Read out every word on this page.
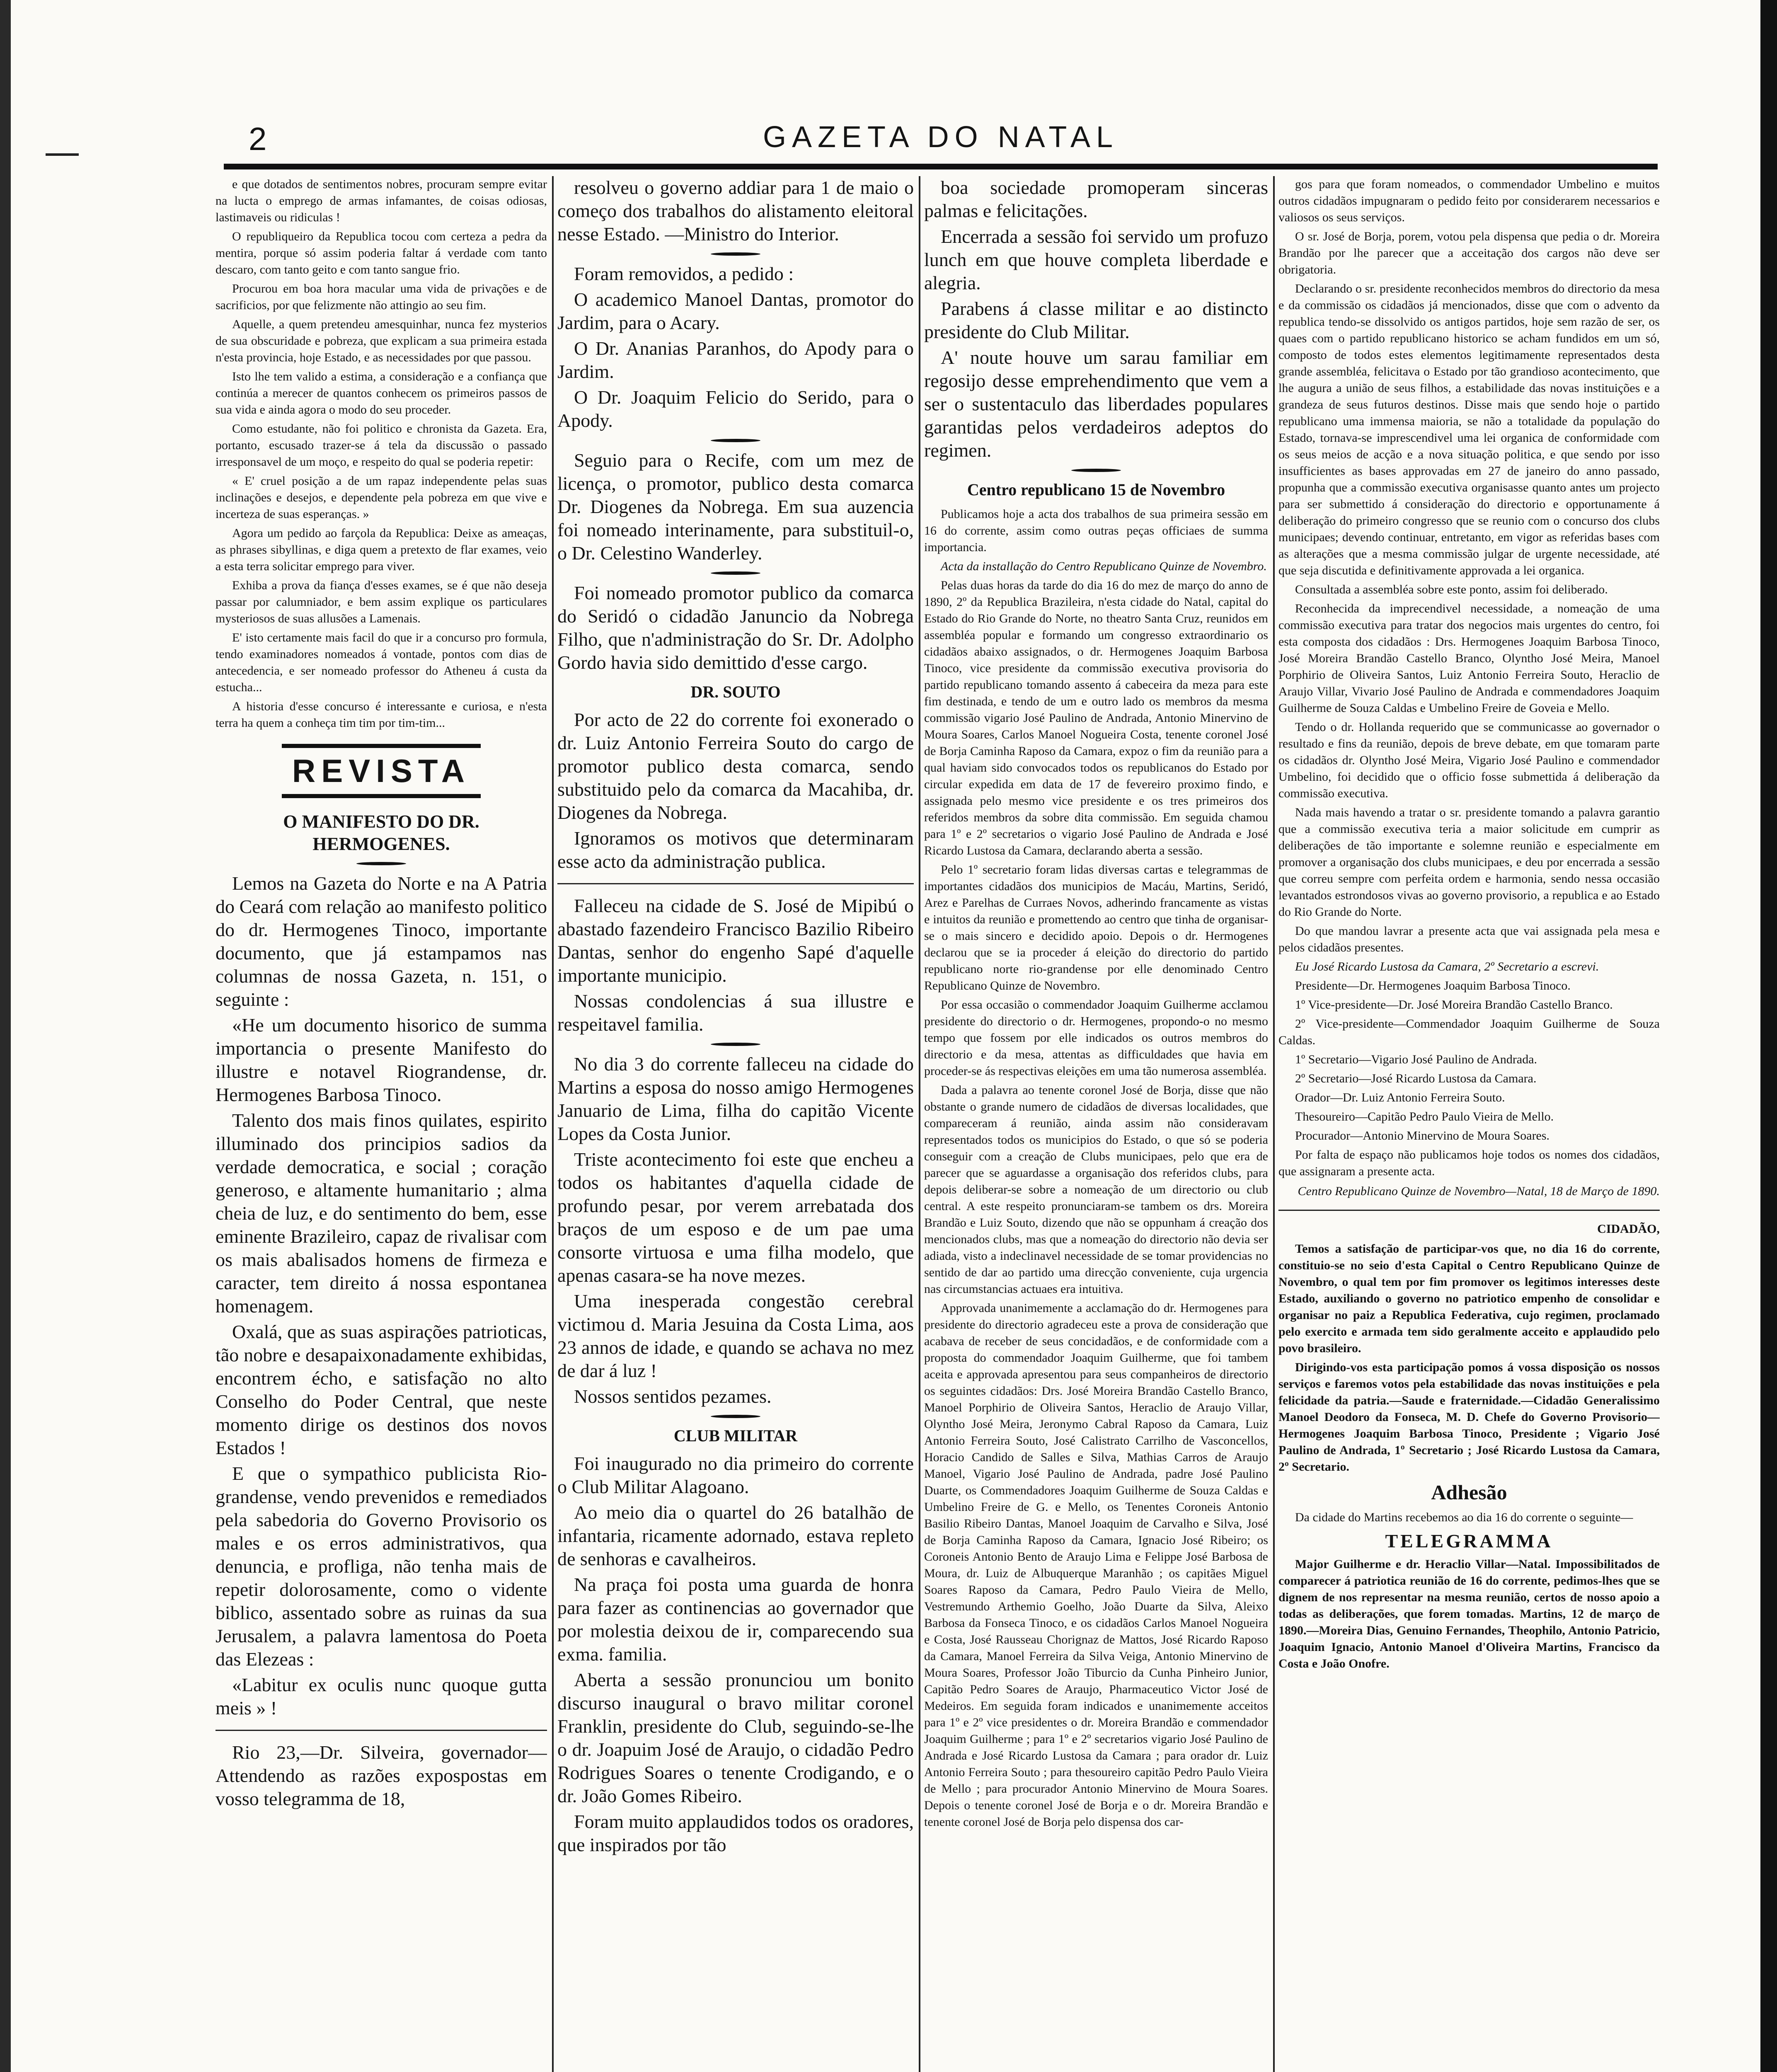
2	GAZETA DO NATAL

e que dotados de sentimentos nobres, procuram sempre evitar na lucta o emprego de armas infamantes, de coisas odiosas, lastimaveis ou ridiculas !

O republiqueiro da Republica tocou com certeza a pedra da mentira, porque só assim poderia faltar á verdade com tanto descaro, com tanto geito e com tanto sangue frio.

Procurou em boa hora macular uma vida de privações e de sacrificios, por que felizmente não attingio ao seu fim.

Aquelle, a quem pretendeu amesquinhar, nunca fez mysterios de sua obscuridade e pobreza, que explicam a sua primeira estada n'esta provincia, hoje Estado, e as necessidades por que passou.

Isto lhe tem valido a estima, a consideração e a confiança que continúa a merecer de quantos conhecem os primeiros passos de sua vida e ainda agora o modo do seu proceder.

Como estudante, não foi politico e chronista da Gazeta. Era, portanto, escusado trazer-se á tela da discussão o passado irresponsavel de um moço, e respeito do qual se poderia repetir:

« E' cruel posição a de um rapaz independente pelas suas inclinações e desejos, e dependente pela pobreza em que vive e incerteza de suas esperanças. »

Agora um pedido ao farçola da Republica: Deixe as ameaças, as phrases sibyllinas, e diga quem a pretexto de flar exames, veio a esta terra solicitar emprego para viver.

Exhiba a prova da fiança d'esses exames, se é que não deseja passar por calumniador, e bem assim explique os particulares mysteriosos de suas allusões a Lamenais.

E' isto certamente mais facil do que ir a concurso pro formula, tendo examinadores nomeados á vontade, pontos com dias de antecedencia, e ser nomeado professor do Atheneu á custa da estucha...

A historia d'esse concurso é interessante e curiosa, e n'esta terra ha quem a conheça tim tim por tim-tim...

REVISTA
O MANIFESTO DO DR. HERMOGENES.

Lemos na Gazeta do Norte e na A Patria do Ceará com relação ao manifesto politico do dr. Hermogenes Tinoco, importante documento, que já estampamos nas columnas de nossa Gazeta, n. 151, o seguinte :

«He um documento hisorico de summa importancia o presente Manifesto do illustre e notavel Riograndense, dr. Hermogenes Barbosa Tinoco.

Talento dos mais finos quilates, espirito illuminado dos principios sadios da verdade democratica, e social ; coração generoso, e altamente humanitario ; alma cheia de luz, e do sentimento do bem, esse eminente Brazileiro, capaz de rivalisar com os mais abalisados homens de firmeza e caracter, tem direito á nossa espontanea homenagem.

Oxalá, que as suas aspirações patrioticas, tão nobre e desapaixonadamente exhibidas, encontrem écho, e satisfação no alto Conselho do Poder Central, que neste momento dirige os destinos dos novos Estados !

E que o sympathico publicista Rio-grandense, vendo prevenidos e remediados pela sabedoria do Governo Provisorio os males e os erros administrativos, qua denuncia, e profliga, não tenha mais de repetir dolorosamente, como o vidente biblico, assentado sobre as ruinas da sua Jerusalem, a palavra lamentosa do Poeta das Elezeas :

«Labitur ex oculis nunc quoque gutta meis » !

Rio 23,—Dr. Silveira, governador—Attendendo as razões expospostas em vosso telegramma de 18,

resolveu o governo addiar para 1 de maio o começo dos trabalhos do alistamento eleitoral nesse Estado. —Ministro do Interior.

Foram removidos, a pedido :

O academico Manoel Dantas, promotor do Jardim, para o Acary.

O Dr. Ananias Paranhos, do Apody para o Jardim.

O Dr. Joaquim Felicio do Serido, para o Apody.

Seguio para o Recife, com um mez de licença, o promotor, publico desta comarca Dr. Diogenes da Nobrega. Em sua auzencia foi nomeado interinamente, para substituil-o, o Dr. Celestino Wanderley.

Foi nomeado promotor publico da comarca do Seridó o cidadão Januncio da Nobrega Filho, que n'administração do Sr. Dr. Adolpho Gordo havia sido demittido d'esse cargo.

DR. SOUTO

Por acto de 22 do corrente foi exonerado o dr. Luiz Antonio Ferreira Souto do cargo de promotor publico desta comarca, sendo substituido pelo da comarca da Macahiba, dr. Diogenes da Nobrega.

Ignoramos os motivos que determinaram esse acto da administração publica.

Falleceu na cidade de S. José de Mipibú o abastado fazendeiro Francisco Bazilio Ribeiro Dantas, senhor do engenho Sapé d'aquelle importante municipio.

Nossas condolencias á sua illustre e respeitavel familia.

No dia 3 do corrente falleceu na cidade do Martins a esposa do nosso amigo Hermogenes Januario de Lima, filha do capitão Vicente Lopes da Costa Junior.

Triste acontecimento foi este que encheu a todos os habitantes d'aquella cidade de profundo pesar, por verem arrebatada dos braços de um esposo e de um pae uma consorte virtuosa e uma filha modelo, que apenas casara-se ha nove mezes.

Uma inesperada congestão cerebral victimou d. Maria Jesuina da Costa Lima, aos 23 annos de idade, e quando se achava no mez de dar á luz !

Nossos sentidos pezames.

CLUB MILITAR

Foi inaugurado no dia primeiro do corrente o Club Militar Alagoano.

Ao meio dia o quartel do 26 batalhão de infantaria, ricamente adornado, estava repleto de senhoras e cavalheiros.

Na praça foi posta uma guarda de honra para fazer as continencias ao governador que por molestia deixou de ir, comparecendo sua exma. familia.

Aberta a sessão pronunciou um bonito discurso inaugural o bravo militar coronel Franklin, presidente do Club, seguindo-se-lhe o dr. Joapuim José de Araujo, o cidadão Pedro Rodrigues Soares o tenente Crodigando, e o dr. João Gomes Ribeiro.

Foram muito applaudidos todos os oradores, que inspirados por tão

boa sociedade promoperam sinceras palmas e felicitações.

Encerrada a sessão foi servido um profuzo lunch em que houve completa liberdade e alegria.

Parabens á classe militar e ao distincto presidente do Club Militar.

A' noute houve um sarau familiar em regosijo desse emprehendimento que vem a ser o sustentaculo das liberdades populares garantidas pelos verdadeiros adeptos do regimen.

Centro republicano 15 de Novembro

Publicamos hoje a acta dos trabalhos de sua primeira sessão em 16 do corrente, assim como outras peças officiaes de summa importancia.

Acta da installação do Centro Republicano Quinze de Novembro.

Pelas duas horas da tarde do dia 16 do mez de março do anno de 1890, 2º da Republica Brazileira, n'esta cidade do Natal, capital do Estado do Rio Grande do Norte, no theatro Santa Cruz, reunidos em assembléa popular e formando um congresso extraordinario os cidadãos abaixo assignados, o dr. Hermogenes Joaquim Barbosa Tinoco, vice presidente da commissão executiva provisoria do partido republicano tomando assento á cabeceira da meza para este fim destinada, e tendo de um e outro lado os membros da mesma commissão vigario José Paulino de Andrada, Antonio Minervino de Moura Soares, Carlos Manoel Nogueira Costa, tenente coronel José de Borja Caminha Raposo da Camara, expoz o fim da reunião para a qual haviam sido convocados todos os republicanos do Estado por circular expedida em data de 17 de fevereiro proximo findo, e assignada pelo mesmo vice presidente e os tres primeiros dos referidos membros da sobre dita commissão. Em seguida chamou para 1º e 2º secretarios o vigario José Paulino de Andrada e José Ricardo Lustosa da Camara, declarando aberta a sessão.

Pelo 1º secretario foram lidas diversas cartas e telegrammas de importantes cidadãos dos municipios de Macáu, Martins, Seridó, Arez e Parelhas de Curraes Novos, adherindo francamente as vistas e intuitos da reunião e promettendo ao centro que tinha de organisar-se o mais sincero e decidido apoio. Depois o dr. Hermogenes declarou que se ia proceder á eleição do directorio do partido republicano norte rio-grandense por elle denominado Centro Republicano Quinze de Novembro.

Por essa occasião o commendador Joaquim Guilherme acclamou presidente do directorio o dr. Hermogenes, propondo-o no mesmo tempo que fossem por elle indicados os outros membros do directorio e da mesa, attentas as difficuldades que havia em proceder-se ás respectivas eleições em uma tão numerosa assembléa.

Dada a palavra ao tenente coronel José de Borja, disse que não obstante o grande numero de cidadãos de diversas localidades, que compareceram á reunião, ainda assim não consideravam representados todos os municipios do Estado, o que só se poderia conseguir com a creação de Clubs municipaes, pelo que era de parecer que se aguardasse a organisação dos referidos clubs, para depois deliberar-se sobre a nomeação de um directorio ou club central. A este respeito pronunciaram-se tambem os drs. Moreira Brandão e Luiz Souto, dizendo que não se oppunham á creação dos mencionados clubs, mas que a nomeação do directorio não devia ser adiada, visto a indeclinavel necessidade de se tomar providencias no sentido de dar ao partido uma direcção conveniente, cuja urgencia nas circumstancias actuaes era intuitiva.

Approvada unanimemente a acclamação do dr. Hermogenes para presidente do directorio agradeceu este a prova de consideração que acabava de receber de seus concidadãos, e de conformidade com a proposta do commendador Joaquim Guilherme, que foi tambem aceita e approvada apresentou para seus companheiros de directorio os seguintes cidadãos: Drs. José Moreira Brandão Castello Branco, Manoel Porphirio de Oliveira Santos, Heraclio de Araujo Villar, Olyntho José Meira, Jeronymo Cabral Raposo da Camara, Luiz Antonio Ferreira Souto, José Calistrato Carrilho de Vasconcellos, Horacio Candido de Salles e Silva, Mathias Carros de Araujo Manoel, Vigario José Paulino de Andrada, padre José Paulino Duarte, os Commendadores Joaquim Guilherme de Souza Caldas e Umbelino Freire de G. e Mello, os Tenentes Coroneis Antonio Basilio Ribeiro Dantas, Manoel Joaquim de Carvalho e Silva, José de Borja Caminha Raposo da Camara, Ignacio José Ribeiro; os Coroneis Antonio Bento de Araujo Lima e Felippe José Barbosa de Moura, dr. Luiz de Albuquerque Maranhão ; os capitães Miguel Soares Raposo da Camara, Pedro Paulo Vieira de Mello, Vestremundo Arthemio Goelho, João Duarte da Silva, Aleixo Barbosa da Fonseca Tinoco, e os cidadãos Carlos Manoel Nogueira e Costa, José Rausseau Chorignaz de Mattos, José Ricardo Raposo da Camara, Manoel Ferreira da Silva Veiga, Antonio Minervino de Moura Soares, Professor João Tiburcio da Cunha Pinheiro Junior, Capitão Pedro Soares de Araujo, Pharmaceutico Victor José de Medeiros. Em seguida foram indicados e unanimemente acceitos para 1º e 2º vice presidentes o dr. Moreira Brandão e commendador Joaquim Guilherme ; para 1º e 2º secretarios vigario José Paulino de Andrada e José Ricardo Lustosa da Camara ; para orador dr. Luiz Antonio Ferreira Souto ; para thesoureiro capitão Pedro Paulo Vieira de Mello ; para procurador Antonio Minervino de Moura Soares. Depois o tenente coronel José de Borja e o dr. Moreira Brandão e tenente coronel José de Borja pelo dispensa dos car-

gos para que foram nomeados, o commendador Umbelino e muitos outros cidadãos impugnaram o pedido feito por considerarem necessarios e valiosos os seus serviços.

O sr. José de Borja, porem, votou pela dispensa que pedia o dr. Moreira Brandão por lhe parecer que a acceitação dos cargos não deve ser obrigatoria.

Declarando o sr. presidente reconhecidos membros do directorio da mesa e da commissão os cidadãos já mencionados, disse que com o advento da republica tendo-se dissolvido os antigos partidos, hoje sem razão de ser, os quaes com o partido republicano historico se acham fundidos em um só, composto de todos estes elementos legitimamente representados desta grande assembléa, felicitava o Estado por tão grandioso acontecimento, que lhe augura a união de seus filhos, a estabilidade das novas instituições e a grandeza de seus futuros destinos. Disse mais que sendo hoje o partido republicano uma immensa maioria, se não a totalidade da população do Estado, tornava-se imprescendivel uma lei organica de conformidade com os seus meios de acção e a nova situação politica, e que sendo por isso insufficientes as bases approvadas em 27 de janeiro do anno passado, propunha que a commissão executiva organisasse quanto antes um projecto para ser submettido á consideração do directorio e opportunamente á deliberação do primeiro congresso que se reunio com o concurso dos clubs municipaes; devendo continuar, entretanto, em vigor as referidas bases com as alterações que a mesma commissão julgar de urgente necessidade, até que seja discutida e definitivamente approvada a lei organica.

Consultada a assembléa sobre este ponto, assim foi deliberado.

Reconhecida da imprecendivel necessidade, a nomeação de uma commissão executiva para tratar dos negocios mais urgentes do centro, foi esta composta dos cidadãos : Drs. Hermogenes Joaquim Barbosa Tinoco, José Moreira Brandão Castello Branco, Olyntho José Meira, Manoel Porphirio de Oliveira Santos, Luiz Antonio Ferreira Souto, Heraclio de Araujo Villar, Vivario José Paulino de Andrada e commendadores Joaquim Guilherme de Souza Caldas e Umbelino Freire de Goveia e Mello.

Tendo o dr. Hollanda requerido que se communicasse ao governador o resultado e fins da reunião, depois de breve debate, em que tomaram parte os cidadãos dr. Olyntho José Meira, Vigario José Paulino e commendador Umbelino, foi decidido que o officio fosse submettida á deliberação da commissão executiva.

Nada mais havendo a tratar o sr. presidente tomando a palavra garantio que a commissão executiva teria a maior solicitude em cumprir as deliberações de tão importante e solemne reunião e especialmente em promover a organisação dos clubs municipaes, e deu por encerrada a sessão que correu sempre com perfeita ordem e harmonia, sendo nessa occasião levantados estrondosos vivas ao governo provisorio, a republica e ao Estado do Rio Grande do Norte.

Do que mandou lavrar a presente acta que vai assignada pela mesa e pelos cidadãos presentes.

Eu José Ricardo Lustosa da Camara, 2º Secretario a escrevi.

Presidente—Dr. Hermogenes Joaquim Barbosa Tinoco.

1º Vice-presidente—Dr. José Moreira Brandão Castello Branco.

2º Vice-presidente—Commendador Joaquim Guilherme de Souza Caldas.

1º Secretario—Vigario José Paulino de Andrada.

2º Secretario—José Ricardo Lustosa da Camara.

Orador—Dr. Luiz Antonio Ferreira Souto.

Thesoureiro—Capitão Pedro Paulo Vieira de Mello.

Procurador—Antonio Minervino de Moura Soares.

Por falta de espaço não publicamos hoje todos os nomes dos cidadãos, que assignaram a presente acta.

Centro Republicano Quinze de Novembro—Natal, 18 de Março de 1890.
CIDADÃO,

Temos a satisfação de participar-vos que, no dia 16 do corrente, constituio-se no seio d'esta Capital o Centro Republicano Quinze de Novembro, o qual tem por fim promover os legitimos interesses deste Estado, auxiliando o governo no patriotico empenho de consolidar e organisar no paiz a Republica Federativa, cujo regimen, proclamado pelo exercito e armada tem sido geralmente acceito e applaudido pelo povo brasileiro.

Dirigindo-vos esta participação pomos á vossa disposição os nossos serviços e faremos votos pela estabilidade das novas instituições e pela felicidade da patria.—Saude e fraternidade.—Cidadão Generalissimo Manoel Deodoro da Fonseca, M. D. Chefe do Governo Provisorio—Hermogenes Joaquim Barbosa Tinoco, Presidente ; Vigario José Paulino de Andrada, 1º Secretario ; José Ricardo Lustosa da Camara, 2º Secretario.

Adhesão

Da cidade do Martins recebemos ao dia 16 do corrente o seguinte—

TELEGRAMMA

Major Guilherme e dr. Heraclio Villar—Natal. Impossibilitados de comparecer á patriotica reunião de 16 do corrente, pedimos-lhes que se dignem de nos representar na mesma reunião, certos de nosso apoio a todas as deliberações, que forem tomadas. Martins, 12 de março de 1890.—Moreira Dias, Genuino Fernandes, Theophilo, Antonio Patricio, Joaquim Ignacio, Antonio Manoel d'Oliveira Martins, Francisco da Costa e João Onofre.
